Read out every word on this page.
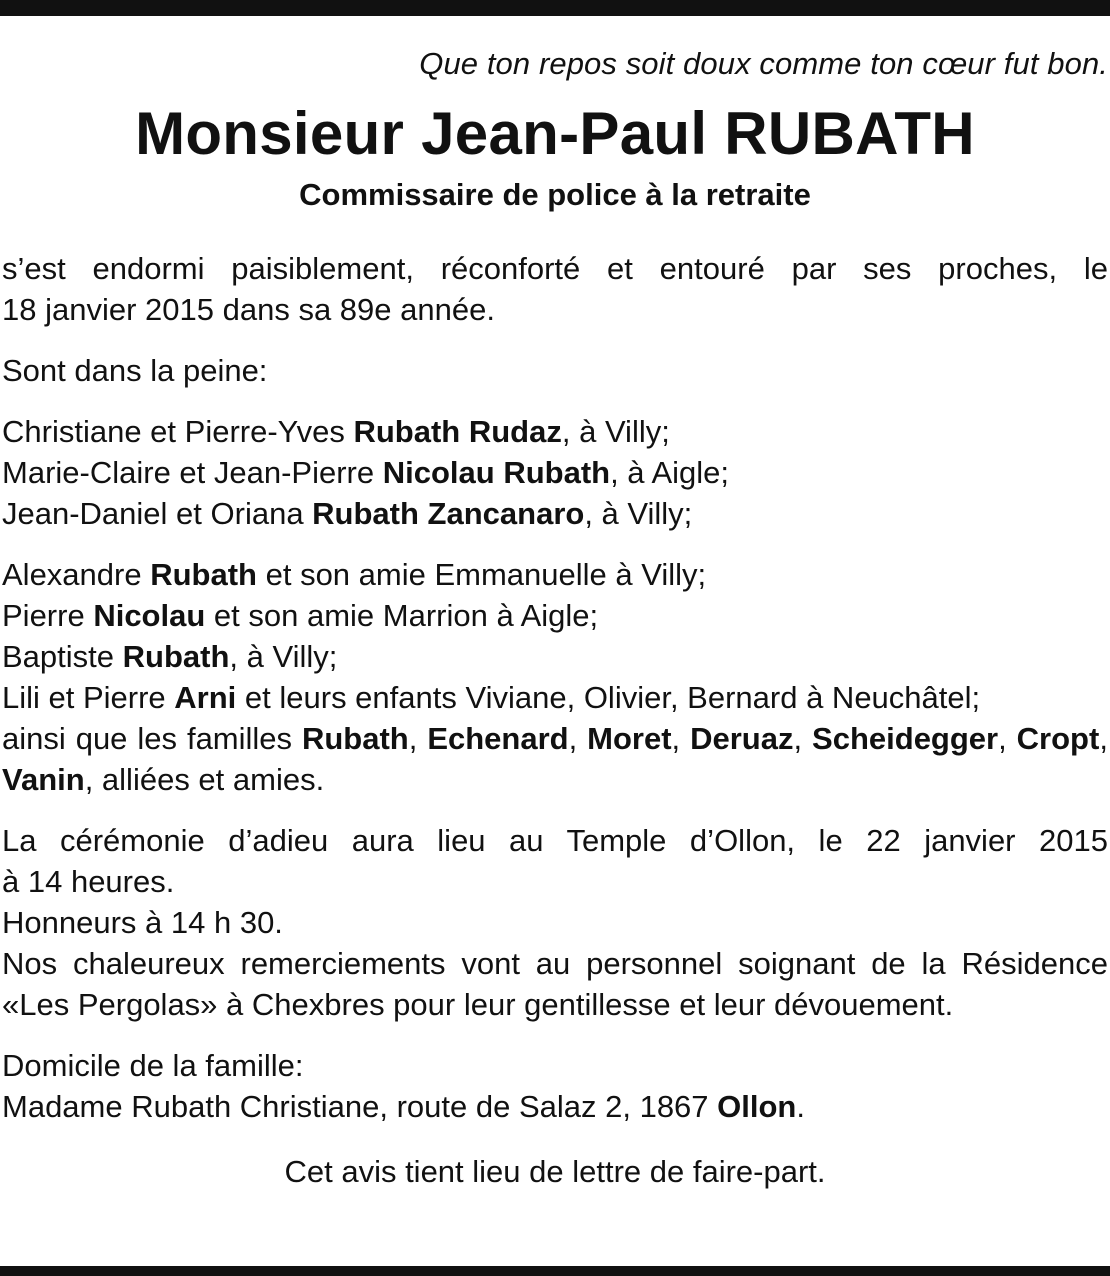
Que ton repos soit doux comme ton cœur fut bon.
Monsieur Jean-Paul RUBATH
Commissaire de police à la retraite

s’est endormi paisiblement, réconforté et entouré par ses proches, le
18 janvier 2015 dans sa 89e année.

Sont dans la peine:

Christiane et Pierre-Yves Rubath Rudaz, à Villy;
Marie-Claire et Jean-Pierre Nicolau Rubath, à Aigle;
Jean-Daniel et Oriana Rubath Zancanaro, à Villy;

Alexandre Rubath et son amie Emmanuelle à Villy;
Pierre Nicolau et son amie Marrion à Aigle;
Baptiste Rubath, à Villy;
Lili et Pierre Arni et leurs enfants Viviane, Olivier, Bernard à Neuchâtel;
ainsi que les familles Rubath, Echenard, Moret, Deruaz, Scheidegger, Cropt, Vanin, alliées et amies.

La cérémonie d’adieu aura lieu au Temple d’Ollon, le 22 janvier 2015
à 14 heures.
Honneurs à 14 h 30.
Nos chaleureux remerciements vont au personnel soignant de la Résidence
«Les Pergolas» à Chexbres pour leur gentillesse et leur dévouement.

Domicile de la famille:
Madame Rubath Christiane, route de Salaz 2, 1867 Ollon.

Cet avis tient lieu de lettre de faire-part.
